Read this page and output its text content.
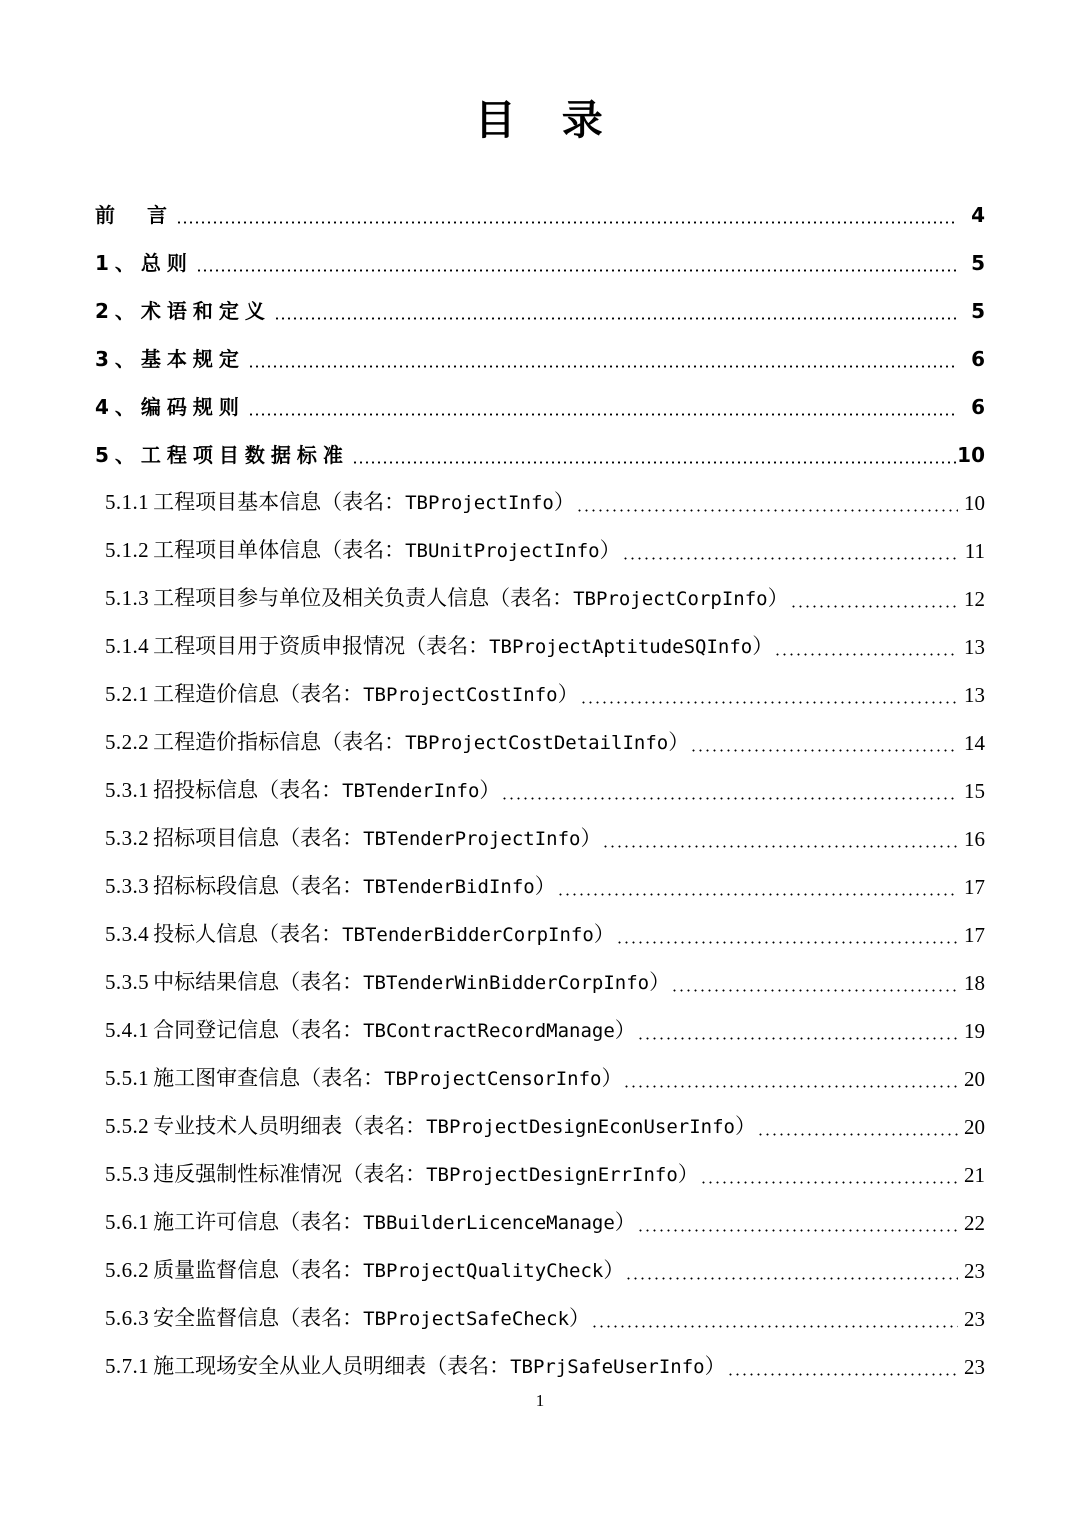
目　录
前　言	4
1、总则	5
2、术语和定义	5
3、基本规定	6
4、编码规则	6
5、工程项目数据标准	10
5.1.1 工程项目基本信息（表名：TBProjectInfo）	10
5.1.2 工程项目单体信息（表名：TBUnitProjectInfo）	11
5.1.3 工程项目参与单位及相关负责人信息（表名：TBProjectCorpInfo）	12
5.1.4 工程项目用于资质申报情况（表名：TBProjectAptitudeSQInfo）	13
5.2.1 工程造价信息（表名：TBProjectCostInfo）	13
5.2.2 工程造价指标信息（表名：TBProjectCostDetailInfo）	14
5.3.1 招投标信息（表名：TBTenderInfo）	15
5.3.2 招标项目信息（表名：TBTenderProjectInfo）	16
5.3.3 招标标段信息（表名：TBTenderBidInfo）	17
5.3.4 投标人信息（表名：TBTenderBidderCorpInfo）	17
5.3.5 中标结果信息（表名：TBTenderWinBidderCorpInfo）	18
5.4.1 合同登记信息（表名：TBContractRecordManage）	19
5.5.1 施工图审查信息（表名：TBProjectCensorInfo）	20
5.5.2 专业技术人员明细表（表名：TBProjectDesignEconUserInfo）	20
5.5.3 违反强制性标准情况（表名：TBProjectDesignErrInfo）	21
5.6.1 施工许可信息（表名：TBBuilderLicenceManage）	22
5.6.2 质量监督信息（表名：TBProjectQualityCheck）	23
5.6.3 安全监督信息（表名：TBProjectSafeCheck）	23
5.7.1 施工现场安全从业人员明细表（表名：TBPrjSafeUserInfo）	23
1
